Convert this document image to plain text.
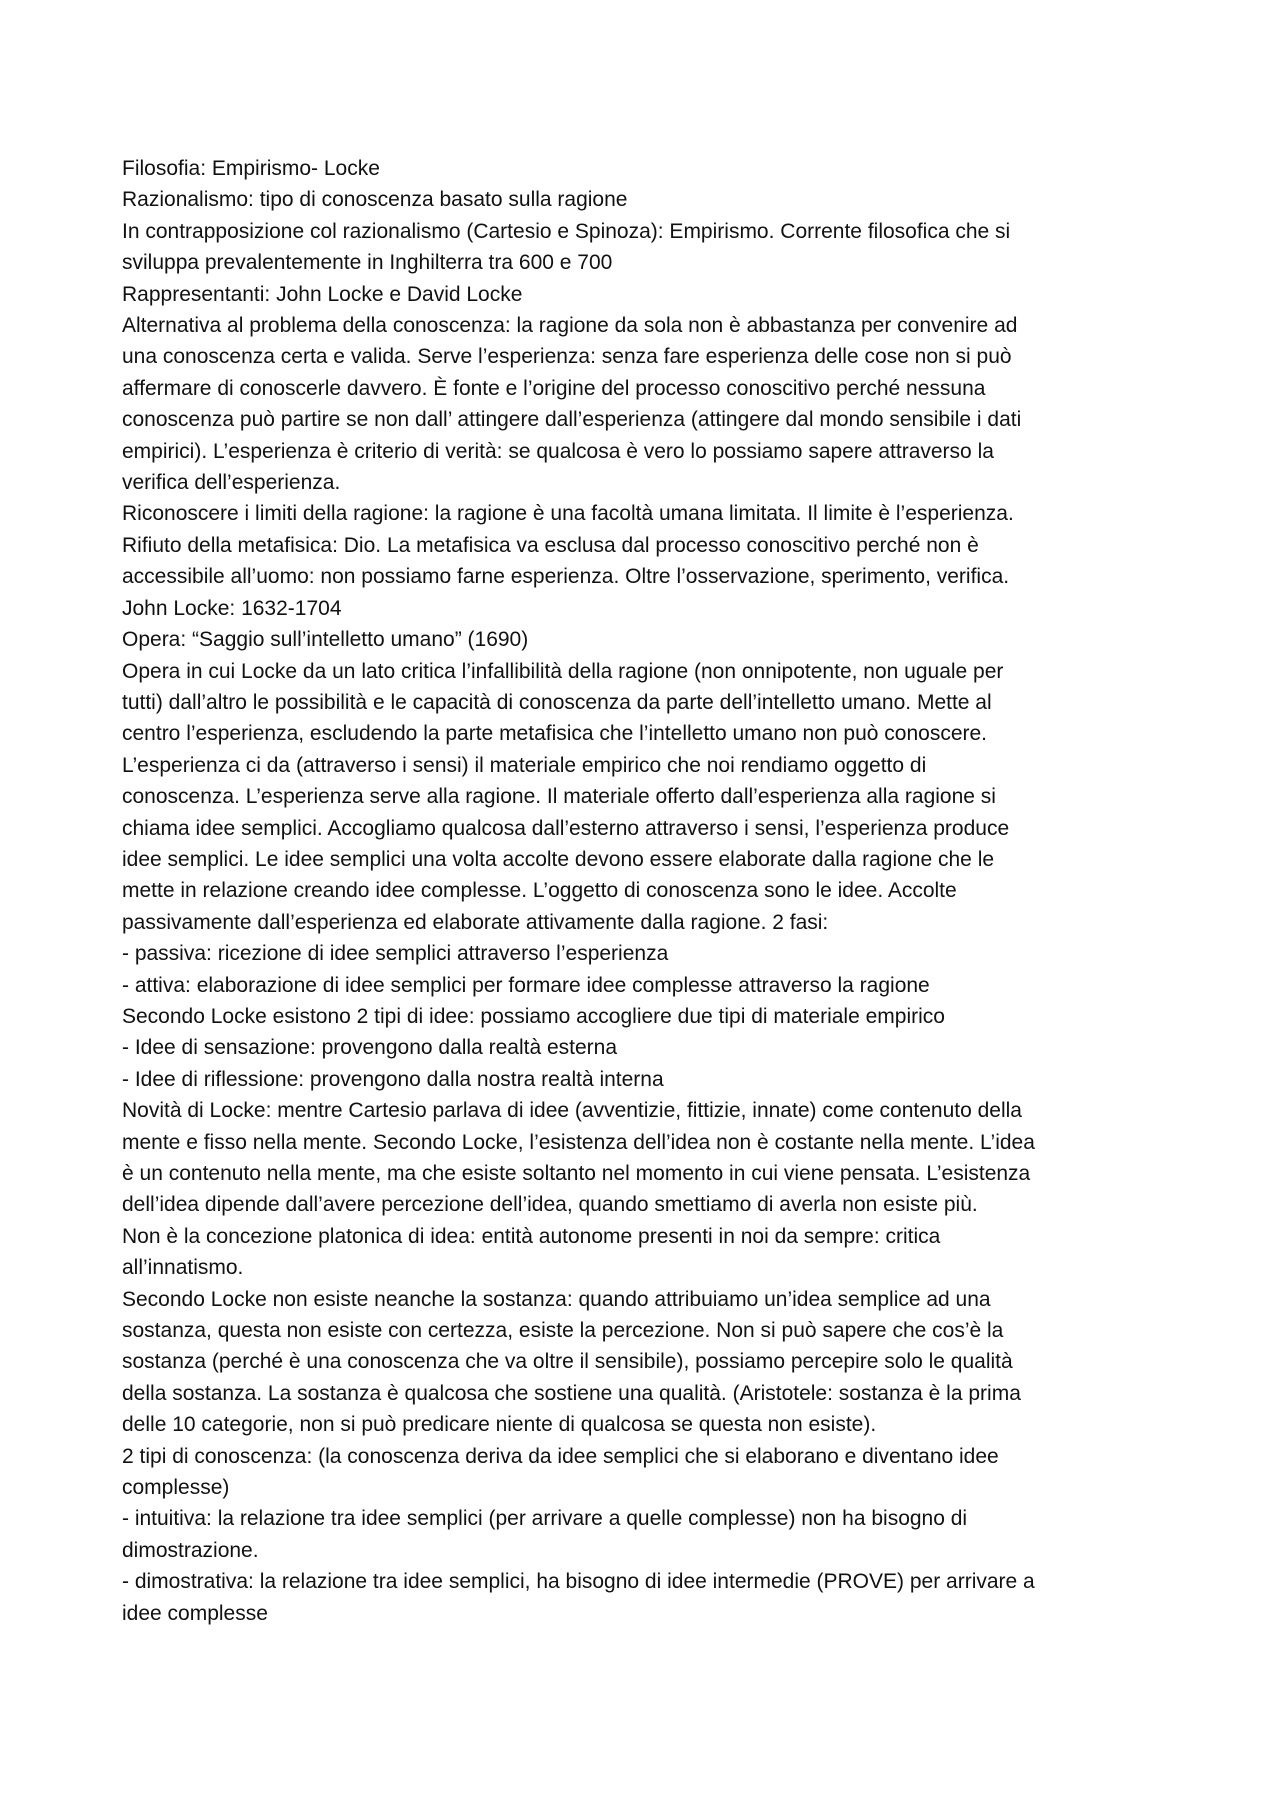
Filosofia: Empirismo- Locke
Razionalismo: tipo di conoscenza basato sulla ragione
In contrapposizione col razionalismo (Cartesio e Spinoza): Empirismo. Corrente filosofica che si
sviluppa prevalentemente in Inghilterra tra 600 e 700
Rappresentanti: John Locke e David Locke
Alternativa al problema della conoscenza: la ragione da sola non è abbastanza per convenire ad
una conoscenza certa e valida. Serve l’esperienza: senza fare esperienza delle cose non si può
affermare di conoscerle davvero. È fonte e l’origine del processo conoscitivo perché nessuna
conoscenza può partire se non dall’ attingere dall’esperienza (attingere dal mondo sensibile i dati
empirici). L’esperienza è criterio di verità: se qualcosa è vero lo possiamo sapere attraverso la
verifica dell’esperienza.
Riconoscere i limiti della ragione: la ragione è una facoltà umana limitata. Il limite è l’esperienza.
Rifiuto della metafisica: Dio. La metafisica va esclusa dal processo conoscitivo perché non è
accessibile all’uomo: non possiamo farne esperienza. Oltre l’osservazione, sperimento, verifica.
John Locke: 1632-1704
Opera: “Saggio sull’intelletto umano” (1690)
Opera in cui Locke da un lato critica l’infallibilità della ragione (non onnipotente, non uguale per
tutti) dall’altro le possibilità e le capacità di conoscenza da parte dell’intelletto umano. Mette al
centro l’esperienza, escludendo la parte metafisica che l’intelletto umano non può conoscere.
L’esperienza ci da (attraverso i sensi) il materiale empirico che noi rendiamo oggetto di
conoscenza. L’esperienza serve alla ragione. Il materiale offerto dall’esperienza alla ragione si
chiama idee semplici. Accogliamo qualcosa dall’esterno attraverso i sensi, l’esperienza produce
idee semplici. Le idee semplici una volta accolte devono essere elaborate dalla ragione che le
mette in relazione creando idee complesse. L’oggetto di conoscenza sono le idee. Accolte
passivamente dall’esperienza ed elaborate attivamente dalla ragione. 2 fasi:
- passiva: ricezione di idee semplici attraverso l’esperienza
- attiva: elaborazione di idee semplici per formare idee complesse attraverso la ragione
Secondo Locke esistono 2 tipi di idee: possiamo accogliere due tipi di materiale empirico
- Idee di sensazione: provengono dalla realtà esterna
- Idee di riflessione: provengono dalla nostra realtà interna
Novità di Locke: mentre Cartesio parlava di idee (avventizie, fittizie, innate) come contenuto della
mente e fisso nella mente. Secondo Locke, l’esistenza dell’idea non è costante nella mente. L’idea
è un contenuto nella mente, ma che esiste soltanto nel momento in cui viene pensata. L’esistenza
dell’idea dipende dall’avere percezione dell’idea, quando smettiamo di averla non esiste più.
Non è la concezione platonica di idea: entità autonome presenti in noi da sempre: critica
all’innatismo.
Secondo Locke non esiste neanche la sostanza: quando attribuiamo un’idea semplice ad una
sostanza, questa non esiste con certezza, esiste la percezione. Non si può sapere che cos’è la
sostanza (perché è una conoscenza che va oltre il sensibile), possiamo percepire solo le qualità
della sostanza. La sostanza è qualcosa che sostiene una qualità. (Aristotele: sostanza è la prima
delle 10 categorie, non si può predicare niente di qualcosa se questa non esiste).
2 tipi di conoscenza: (la conoscenza deriva da idee semplici che si elaborano e diventano idee
complesse)
- intuitiva: la relazione tra idee semplici (per arrivare a quelle complesse) non ha bisogno di
dimostrazione.
- dimostrativa: la relazione tra idee semplici, ha bisogno di idee intermedie (PROVE) per arrivare a
idee complesse
